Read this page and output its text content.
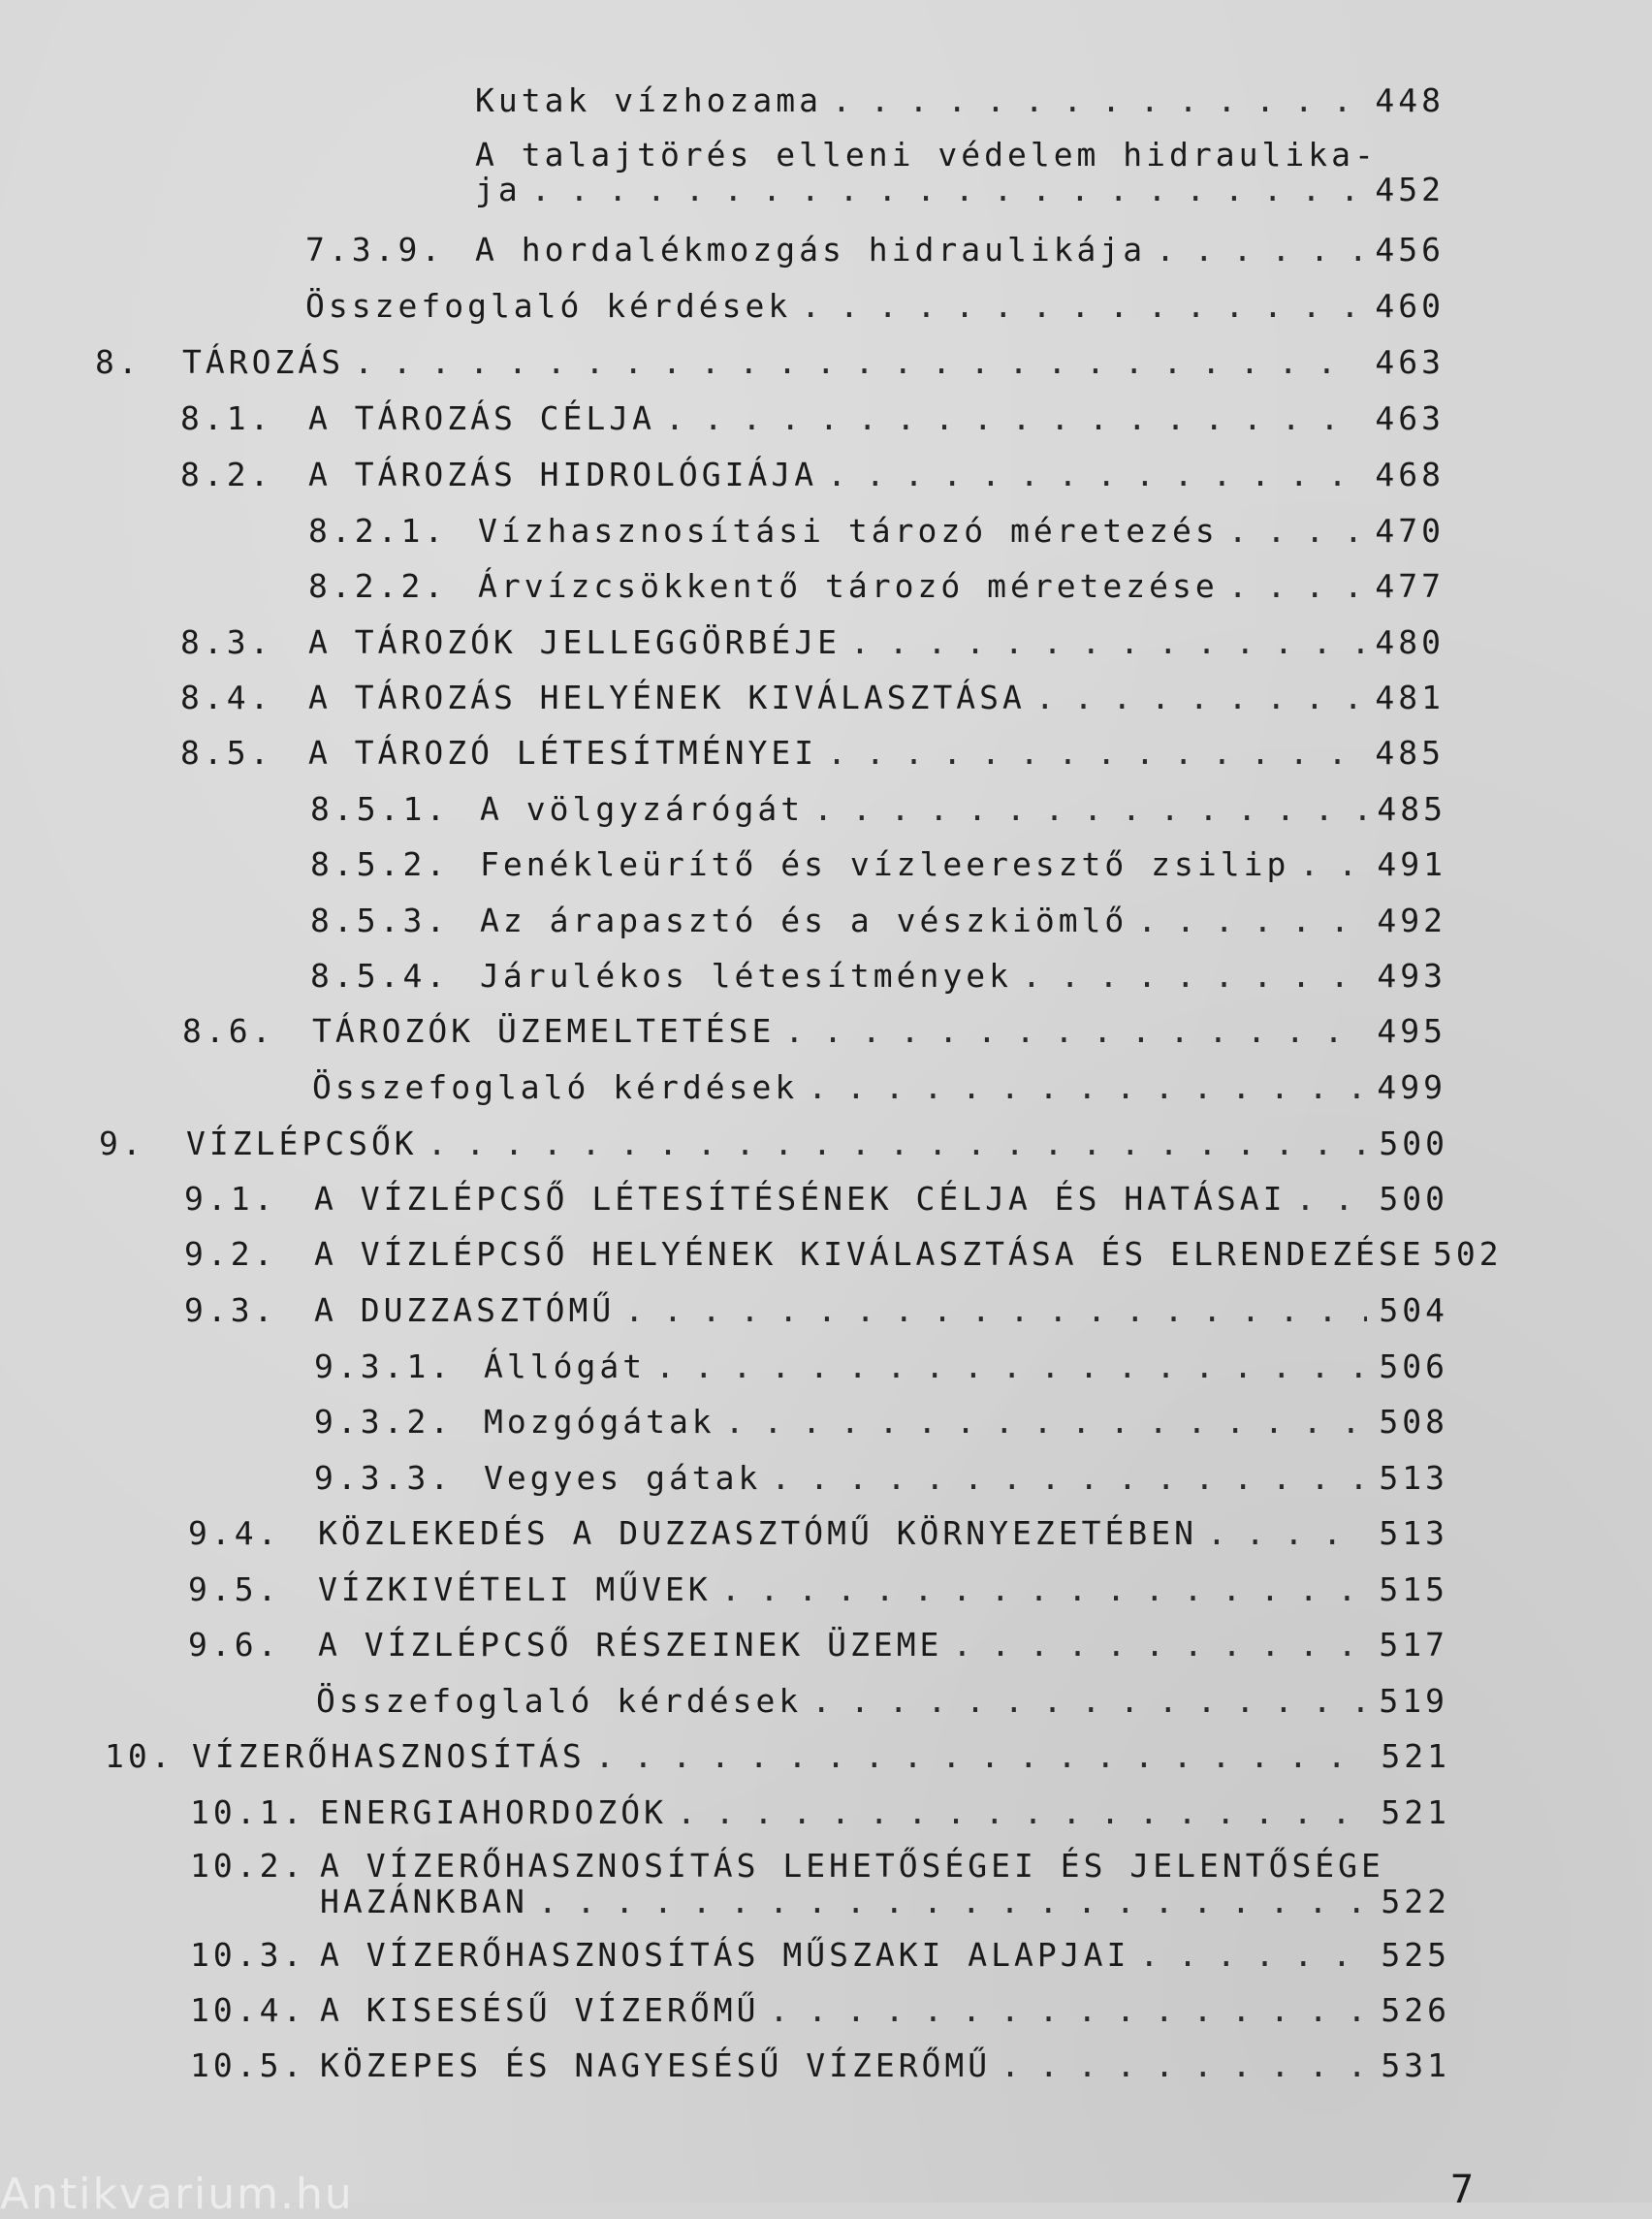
Kutak vízhozama . . .	448
A talajtörés elleni védelem hidraulika-
ja . . .	452
7.3.9. A hordalékmozgás hidraulikája . . .	456
Összefoglaló kérdések . . .	460
8.	TÁROZÁS . . .	463
8.1.	A TÁROZÁS CÉLJA . . .	463
8.2.	A TÁROZÁS HIDROLÓGIÁJA . . .	468
8.2.1. Vízhasznosítási tározó méretezés . . .	470
8.2.2. Árvízcsökkentő tározó méretezése . . .	477
8.3.	A TÁROZÓK JELLEGGÖRBÉJE . . .	480
8.4.	A TÁROZÁS HELYÉNEK KIVÁLASZTÁSA . . .	481
8.5.	A TÁROZÓ LÉTESÍTMÉNYEI . . .	485
8.5.1. A völgyzárógát . . .	485
8.5.2. Fenékleürítő és vízleeresztő zsilip . . .	491
8.5.3. Az árapasztó és a vészkiömlő . . .	492
8.5.4. Járulékos létesítmények . . .	493
8.6.	TÁROZÓK ÜZEMELTETÉSE . . .	495
Összefoglaló kérdések . . .	499
9.	VÍZLÉPCSŐK . . .	500
9.1.	A VÍZLÉPCSŐ LÉTESÍTÉSÉNEK CÉLJA ÉS HATÁSAI . . .	500
9.2.	A VÍZLÉPCSŐ HELYÉNEK KIVÁLASZTÁSA ÉS ELRENDEZÉSE 502
9.3.	A DUZZASZTÓMŰ . . .	504
9.3.1. Állógát . . .	506
9.3.2. Mozgógátak . . .	508
9.3.3. Vegyes gátak . . .	513
9.4.	KÖZLEKEDÉS A DUZZASZTÓMŰ KÖRNYEZETÉBEN . . .	513
9.5.	VÍZKIVÉTELI MŰVEK . . .	515
9.6.	A VÍZLÉPCSŐ RÉSZEINEK ÜZEME . . .	517
Összefoglaló kérdések . . .	519
10. VÍZERŐHASZNOSÍTÁS . . .	521
10.1. ENERGIAHORDOZÓK . . .	521
10.2. A VÍZERŐHASZNOSÍTÁS LEHETŐSÉGEI ÉS JELENTŐSÉGE
HAZÁNKBAN . . .	522
10.3. A VÍZERŐHASZNOSÍTÁS MŰSZAKI ALAPJAI . . .	525
10.4. A KISESÉSŰ VÍZERŐMŰ . . .	526
10.5. KÖZEPES ÉS NAGYESÉSŰ VÍZERŐMŰ . . .	531
Antikvarium.hu	7
